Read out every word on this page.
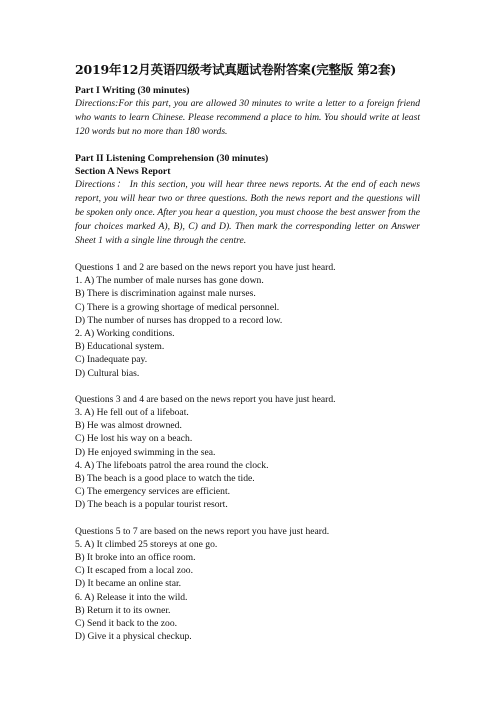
2019年12月英语四级考试真题试卷附答案(完整版 第2套)
Part I Writing (30 minutes)
Directions:For this part, you are allowed 30 minutes to write a letter to a foreign friend who wants to learn Chinese. Please recommend a place to him. You should write at least 120 words but no more than 180 words.
Part II Listening Comprehension (30 minutes)
Section A News Report
Directions： In this section, you will hear three news reports. At the end of each news report, you will hear two or three questions. Both the news report and the questions will be spoken only once. After you hear a question, you must choose the best answer from the four choices marked A), B), C) and D). Then mark the corresponding letter on Answer Sheet 1 with a single line through the centre.
Questions 1 and 2 are based on the news report you have just heard.
1. A) The number of male nurses has gone down.
B) There is discrimination against male nurses.
C) There is a growing shortage of medical personnel.
D) The number of nurses has dropped to a record low.
2. A) Working conditions.
B) Educational system.
C) Inadequate pay.
D) Cultural bias.
Questions 3 and 4 are based on the news report you have just heard.
3. A) He fell out of a lifeboat.
B) He was almost drowned.
C) He lost his way on a beach.
D) He enjoyed swimming in the sea.
4. A) The lifeboats patrol the area round the clock.
B) The beach is a good place to watch the tide.
C) The emergency services are efficient.
D) The beach is a popular tourist resort.
Questions 5 to 7 are based on the news report you have just heard.
5. A) It climbed 25 storeys at one go.
B) It broke into an office room.
C) It escaped from a local zoo.
D) It became an online star.
6. A) Release it into the wild.
B) Return it to its owner.
C) Send it back to the zoo.
D) Give it a physical checkup.
